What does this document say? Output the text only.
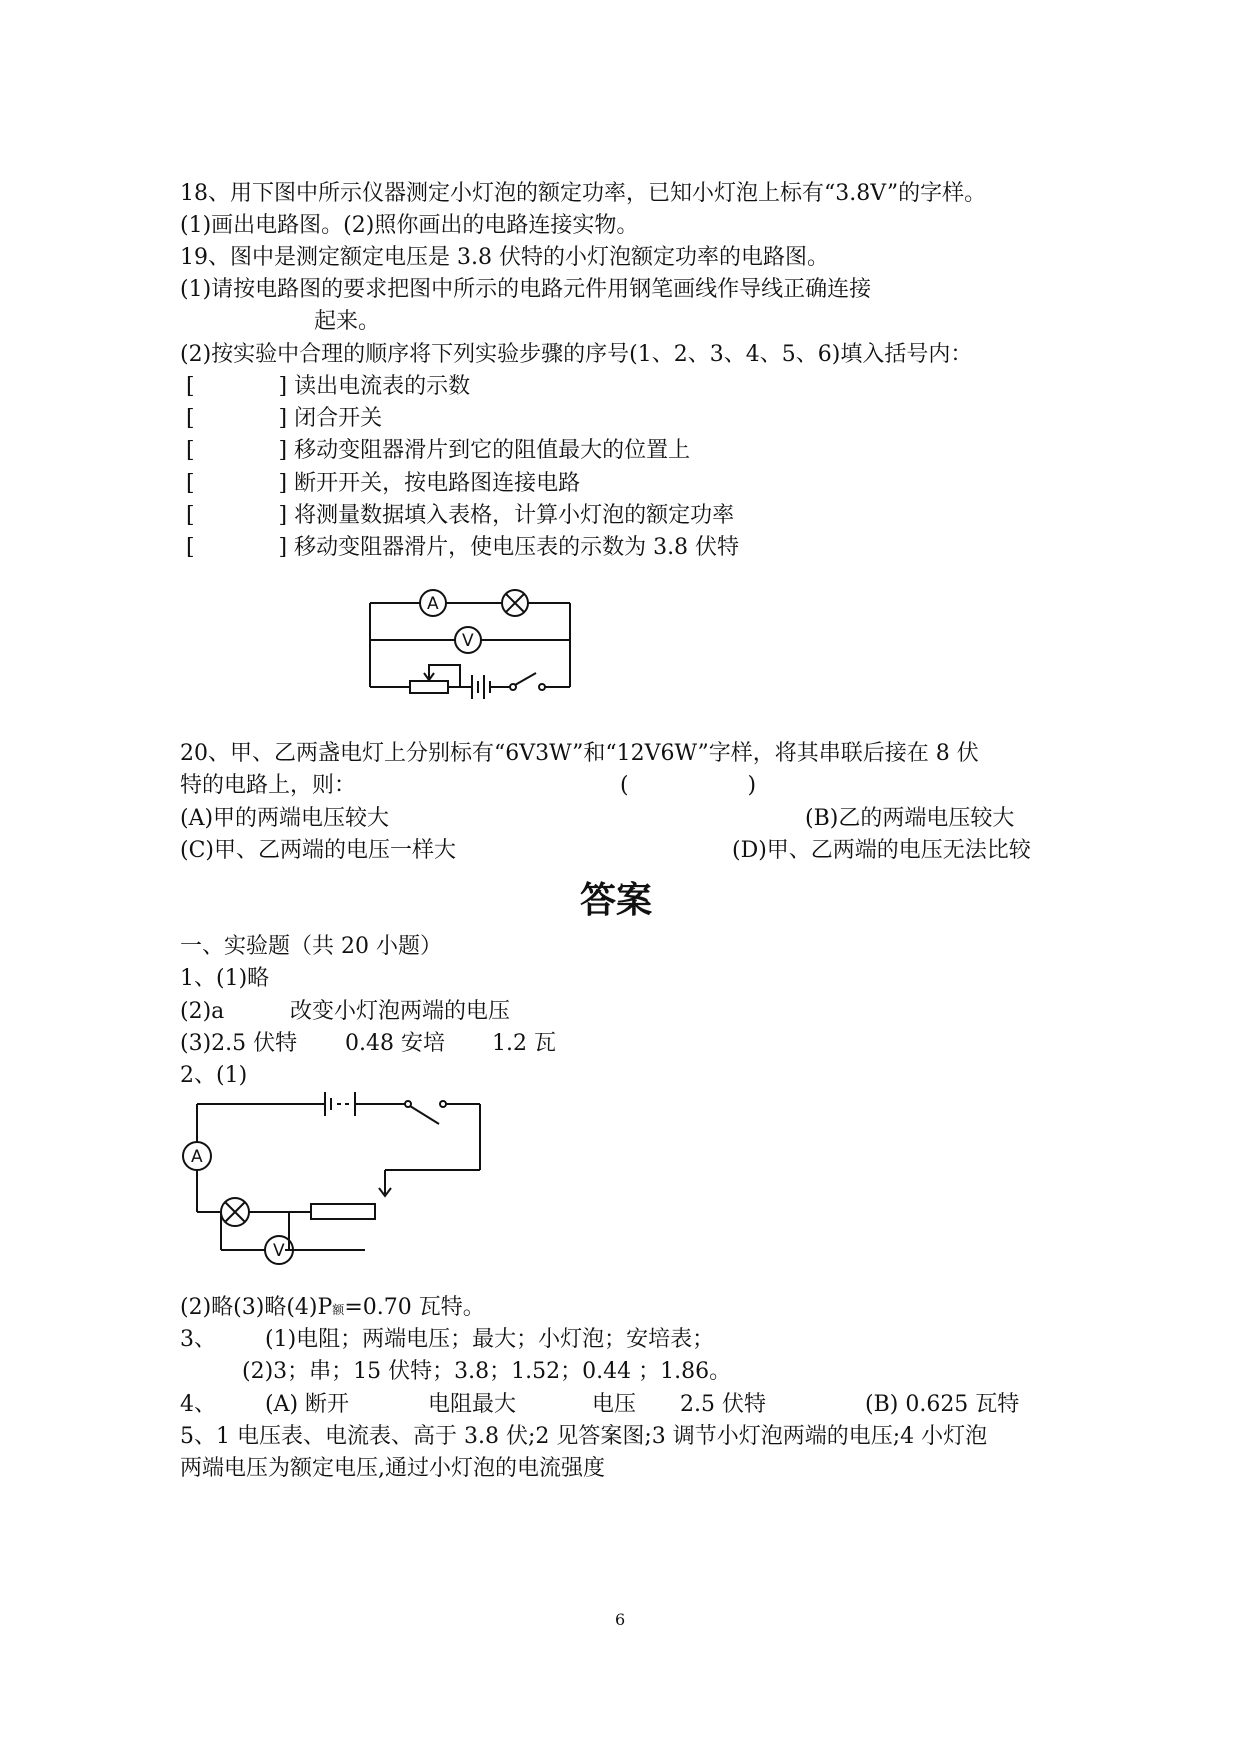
18、用下图中所示仪器测定小灯泡的额定功率，已知小灯泡上标有“3.8V”的字样。
(1)画出电路图。(2)照你画出的电路连接实物。
19、图中是测定额定电压是 3.8 伏特的小灯泡额定功率的电路图。
(1)请按电路图的要求把图中所示的电路元件用钢笔画线作导线正确连接
起来。
(2)按实验中合理的顺序将下列实验步骤的序号(1、2、3、4、5、6)填入括号内：
[            ] 读出电流表的示数
[            ] 闭合开关
[            ] 移动变阻器滑片到它的阻值最大的位置上
[            ] 断开开关，按电路图连接电路
[            ] 将测量数据填入表格，计算小灯泡的额定功率
[            ] 移动变阻器滑片，使电压表的示数为 3.8 伏特
A
V
20、甲、乙两盏电灯上分别标有“6V3W”和“12V6W”字样，将其串联后接在 8 伏
特的电路上，则：	(                 )
(A)甲的两端电压较大	(B)乙的两端电压较大
(C)甲、乙两端的电压一样大	(D)甲、乙两端的电压无法比较
答案
一、实验题（共 20 小题）
1、(1)略
(2)a	改变小灯泡两端的电压
(3)2.5 伏特 0.48 安培 1.2 瓦
2、(1)
A
V
(2)略(3)略(4)P额=0.70 瓦特。
3、 (1)电阻；两端电压；最大；小灯泡；安培表；
(2)3；串；15 伏特；3.8；1.52；0.44 ；1.86。
4、 (A) 断开	电阻最大	电压 2.5 伏特	(B) 0.625 瓦特
5、1 电压表、电流表、高于 3.8 伏;2 见答案图;3 调节小灯泡两端的电压;4 小灯泡
两端电压为额定电压,通过小灯泡的电流强度
6
